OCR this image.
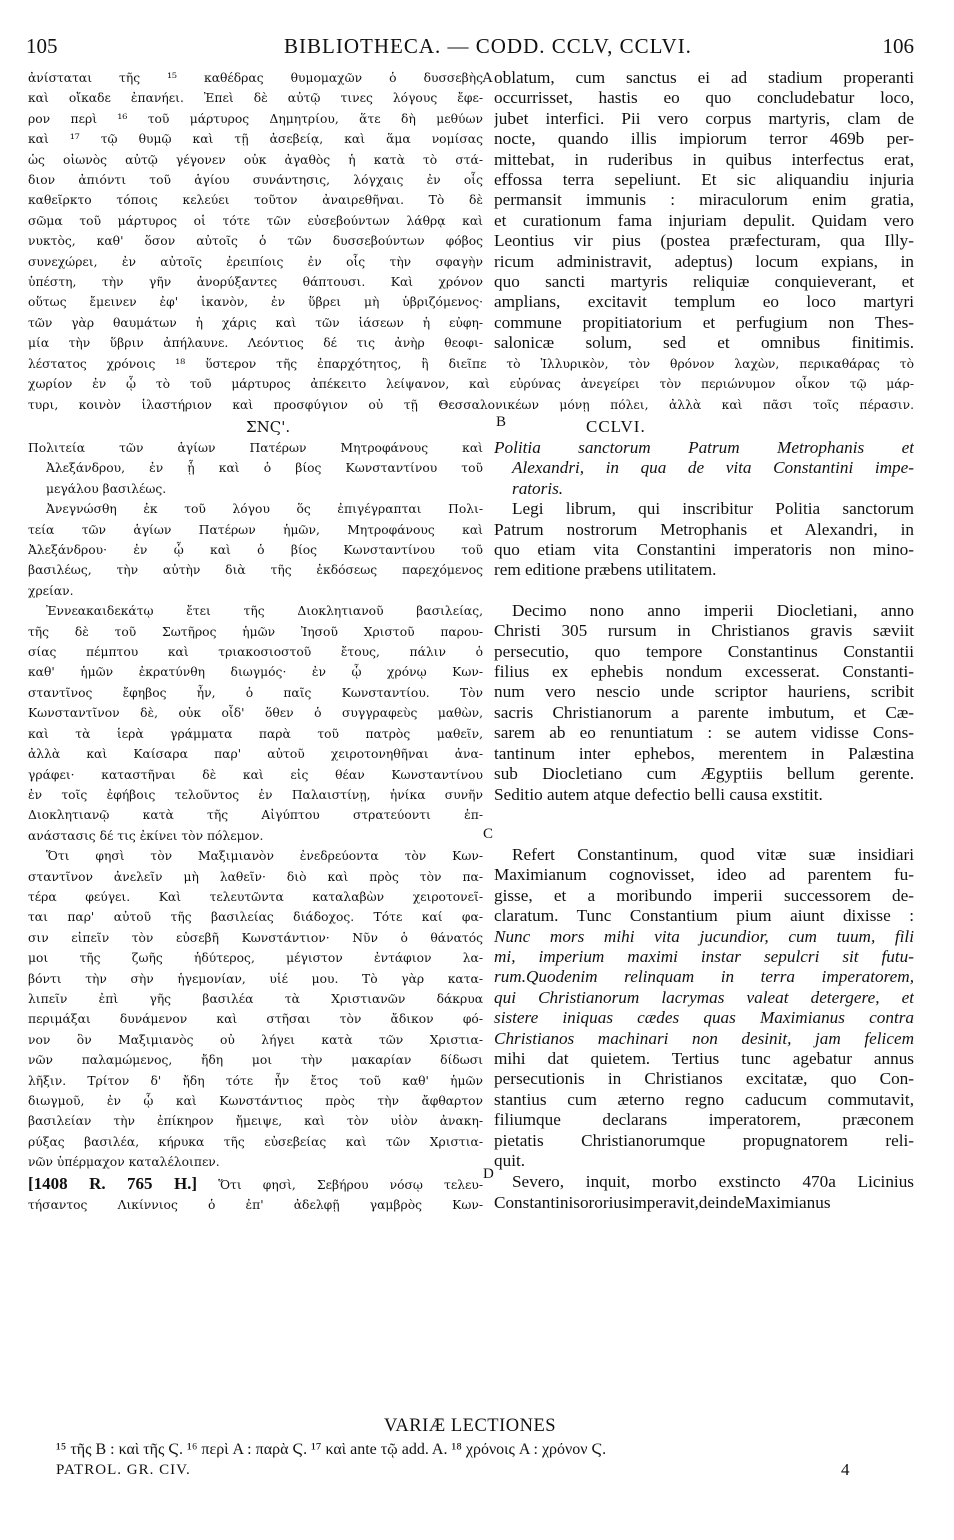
105	BIBLIOTHECA. — CODD. CCLV, CCLVI.	106
ἀνίσταται τῆς ¹⁵ καθέδρας θυμομαχῶν ὁ δυσσεβὴς
καὶ οἴκαδε ἐπανήει. Ἐπεὶ δὲ αὐτῷ τινες λόγους ἔφε-
ρον περὶ ¹⁶ τοῦ μάρτυρος Δημητρίου, ἅτε δὴ μεθύων
καὶ ¹⁷ τῷ θυμῷ καὶ τῇ ἀσεβείᾳ, καὶ ἅμα νομίσας
ὡς οἰωνὸς αὐτῷ γέγονεν οὐκ ἀγαθὸς ἡ κατὰ τὸ στά-
διον ἀπιόντι τοῦ ἁγίου συνάντησις, λόγχαις ἐν οἷς
καθεῖρκτο τόποις κελεύει τοῦτον ἀναιρεθῆναι. Τὸ δὲ
σῶμα τοῦ μάρτυρος οἱ τότε τῶν εὐσεβούντων λάθρᾳ καὶ
νυκτὸς, καθ' ὅσον αὐτοῖς ὁ τῶν δυσσεβούντων φόβος
συνεχώρει, ἐν αὐτοῖς ἐρειπίοις ἐν οἷς τὴν σφαγὴν
ὑπέστη, τὴν γῆν ἀνορύξαντες θάπτουσι. Καὶ χρόνον
οὕτως ἔμεινεν ἐφ' ἱκανὸν, ἐν ὕβρει μὴ ὑβριζόμενος·
τῶν γὰρ θαυμάτων ἡ χάρις καὶ τῶν ἰάσεων ἡ εὐφη-
μία τὴν ὕβριν ἀπήλαυνε. Λεόντιος δέ τις ἀνὴρ θεοφι-
A oblatum, cum sanctus ei ad stadium properanti
occurrisset, hastis eo quo concludebatur loco,
jubet interfici. Pii vero corpus martyris, clam de
nocte, quando illis impiorum terror 469b per-
mittebat, in ruderibus in quibus interfectus erat,
effossa terra sepeliunt. Et sic aliquandiu injuria
permansit immunis : miraculorum enim gratia,
et curationum fama injuriam depulit. Quidam vero
Leontius vir pius (postea præfecturam, qua Illy-
ricum administravit, adeptus) locum expians, in
quo sancti martyris reliquiæ conquieverant, et
amplians, excitavit templum eo loco martyri
commune propitiatorium et perfugium non Thes-
salonicæ solum, sed et omnibus finitimis.
λέστατος χρόνοις ¹⁸ ὕστερον τῆς ἐπαρχότητος, ἣ διεῖπε τὸ Ἰλλυρικὸν, τὸν θρόνον λαχὼν, περικαθάρας τὸ
χωρίον ἐν ᾧ τὸ τοῦ μάρτυρος ἀπέκειτο λείψανον, καὶ εὐρύνας ἀνεγείρει τὸν περιώνυμον οἶκον τῷ μάρ-
τυρι, κοινὸν ἱλαστήριον καὶ προσφύγιον οὐ τῇ Θεσσαλονικέων μόνῃ πόλει, ἀλλὰ καὶ πᾶσι τοῖς πέρασιν.
ΣΝϚ'.	B	CCLVI.
Πολιτεία τῶν ἁγίων Πατέρων Μητροφάνους καὶ
Ἀλεξάνδρου, ἐν ᾗ καὶ ὁ βίος Κωνσταντίνου τοῦ
μεγάλου βασιλέως.
Ἀνεγνώσθη ἐκ τοῦ λόγου ὅς ἐπιγέγραπται Πολι-
τεία τῶν ἁγίων Πατέρων ἡμῶν, Μητροφάνους καὶ
Ἀλεξάνδρου· ἐν ᾧ καὶ ὁ βίος Κωνσταντίνου τοῦ
βασιλέως, τὴν αὐτὴν διὰ τῆς ἐκδόσεως παρεχόμενος
χρείαν.
Ἐννεακαιδεκάτῳ ἔτει τῆς Διοκλητιανοῦ βασιλείας,
τῆς δὲ τοῦ Σωτῆρος ἡμῶν Ἰησοῦ Χριστοῦ παρου-
σίας πέμπτου καὶ τριακοσιοστοῦ ἔτους, πάλιν ὁ
καθ' ἡμῶν ἐκρατύνθη διωγμός· ἐν ᾧ χρόνῳ Κων-
σταντῖνος ἔφηβος ἦν, ὁ παῖς Κωνσταντίου. Τὸν
Κωνσταντῖνον δὲ, οὐκ οἶδ' ὅθεν ὁ συγγραφεὺς μαθὼν,
καὶ τὰ ἱερὰ γράμματα παρὰ τοῦ πατρὸς μαθεῖν,
ἀλλὰ καὶ Καίσαρα παρ' αὐτοῦ χειροτονηθῆναι ἀνα-
γράφει· καταστῆναι δὲ καὶ εἰς θέαν Κωνσταντίνου
ἐν τοῖς ἐφήβοις τελοῦντος ἐν Παλαιστίνῃ, ἡνίκα συνῆν
Διοκλητιανῷ κατὰ τῆς Αἰγύπτου στρατεύοντι ἐπ-
ανάστασις δέ τις ἐκίνει τὸν πόλεμον.
Ὅτι φησὶ τὸν Μαξιμιανὸν ἐνεδρεύοντα τὸν Κων-
σταντῖνον ἀνελεῖν μὴ λαθεῖν· διὸ καὶ πρὸς τὸν πα-
τέρα φεύγει. Καὶ τελευτῶντα καταλαβὼν χειροτονεῖ-
ται παρ' αὐτοῦ τῆς βασιλείας διάδοχος. Τότε καί φα-
σιν εἰπεῖν τὸν εὐσεβῆ Κωνστάντιον· Νῦν ὁ θάνατός
μοι τῆς ζωῆς ἡδύτερος, μέγιστον ἐντάφιον λα-
βόντι τὴν σὴν ἡγεμονίαν, υἱέ μου. Τὸ γὰρ κατα-
λιπεῖν ἐπὶ γῆς βασιλέα τὰ Χριστιανῶν δάκρυα
περιμάξαι δυνάμενον καὶ στῆσαι τὸν ἄδικον φό-
νον ὃν Μαξιμιανὸς οὐ λήγει κατὰ τῶν Χριστια-
νῶν παλαμώμενος, ἤδη μοι τὴν μακαρίαν δίδωσι
λῆξιν. Τρίτον δ' ἤδη τότε ἦν ἔτος τοῦ καθ' ἡμῶν
διωγμοῦ, ἐν ᾧ καὶ Κωνστάντιος πρὸς τὴν ἄφθαρτον
βασιλείαν τὴν ἐπίκηρον ἤμειψε, καὶ τὸν υἱὸν ἀνακη-
ρύξας βασιλέα, κήρυκα τῆς εὐσεβείας καὶ τῶν Χριστια-
νῶν ὑπέρμαχον καταλέλοιπεν.
[1408 R. 765 H.] Ὅτι φησὶ, Σεβήρου νόσῳ τελευ-
τήσαντος Λικίννιος ὁ ἐπ' ἀδελφῇ γαμβρὸς Κων-
C
D
Politia sanctorum Patrum Metrophanis et
Alexandri, in qua de vita Constantini impe-
ratoris.
Legi librum, qui inscribitur Politia sanctorum
Patrum nostrorum Metrophanis et Alexandri, in
quo etiam vita Constantini imperatoris non mino-
rem editione præbens utilitatem.
Decimo nono anno imperii Diocletiani, anno
Christi 305 rursum in Christianos gravis sæviit
persecutio, quo tempore Constantinus Constantii
filius ex ephebis nondum excesserat. Constanti-
num vero nescio unde scriptor hauriens, scribit
sacris Christianorum a parente imbutum, et Cæ-
sarem ab eo renuntiatum : se autem vidisse Cons-
tantinum inter ephebos, merentem in Palæstina
sub Diocletiano cum Ægyptiis bellum gerente.
Seditio autem atque defectio belli causa exstitit.
Refert Constantinum, quod vitæ suæ insidiari
Maximianum cognovisset, ideo ad parentem fu-
gisse, et a moribundo imperii successorem de-
claratum. Tunc Constantium pium aiunt dixisse :
Nunc mors mihi vita jucundior, cum tuum, fili
mi, imperium maximi instar sepulcri sit futu-
rum.Quodenim relinquam in terra imperatorem,
qui Christianorum lacrymas valeat detergere, et
sistere iniquas cædes quas Maximianus contra
Christianos machinari non desinit, jam felicem
mihi dat quietem. Tertius tunc agebatur annus
persecutionis in Christianos excitatæ, quo Con-
stantius cum æterno regno caducum commutavit,
filiumque declarans imperatorem, præconem
pietatis Christianorumque propugnatorem reli-
quit.
Severo, inquit, morbo exstincto 470a Licinius
Constantinisororiusimperavit,deindeMaximianus
VARIÆ LECTIONES
¹⁵ τῆς B : καὶ τῆς Ϛ. ¹⁶ περὶ A : παρὰ Ϛ. ¹⁷ καὶ ante τῷ add. A. ¹⁸ χρόνοις A : χρόνον Ϛ.
PATROL. GR. CIV.	4
